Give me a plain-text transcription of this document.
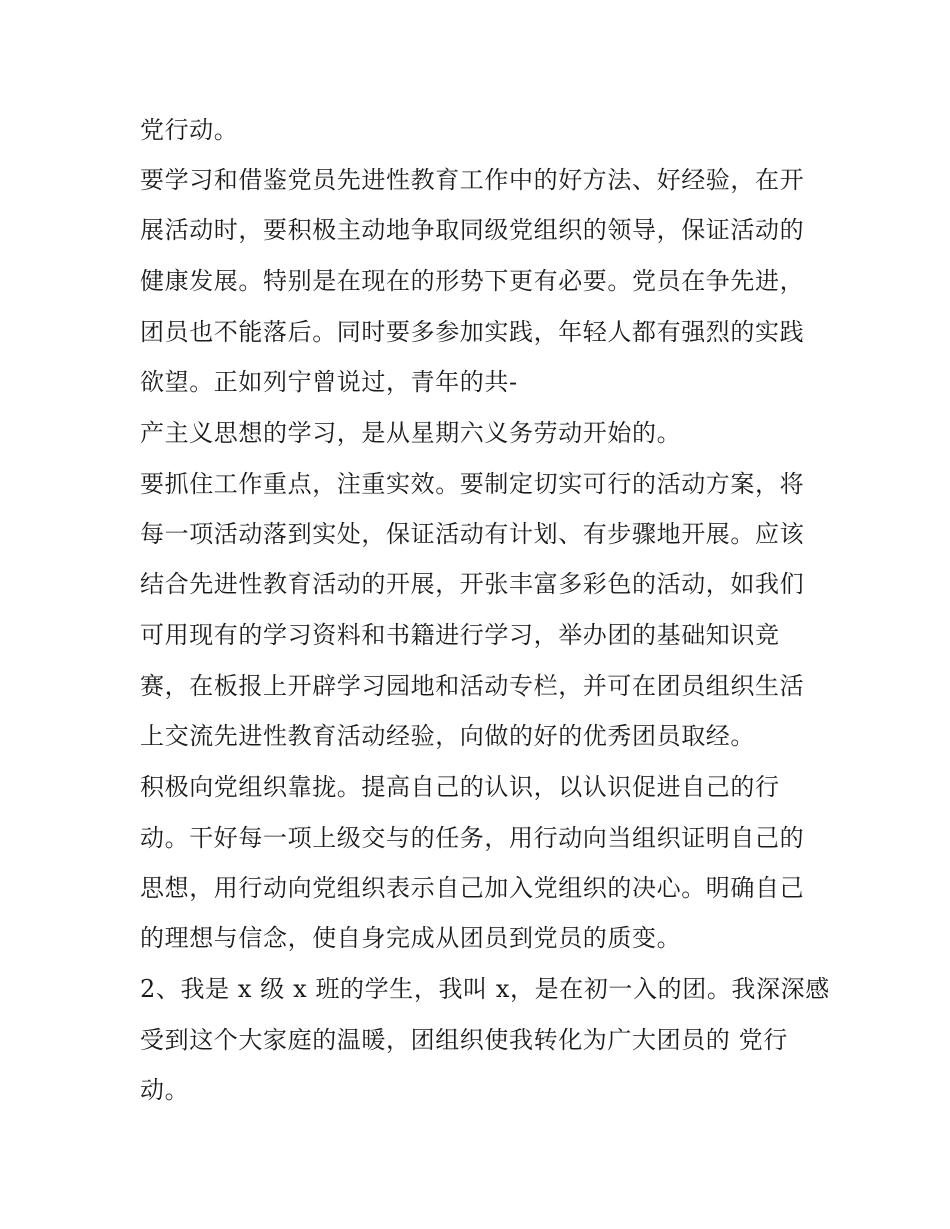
党行动。

要学习和借鉴党员先进性教育工作中的好方法、好经验，在开

展活动时，要积极主动地争取同级党组织的领导，保证活动的

健康发展。特别是在现在的形势下更有必要。党员在争先进，

团员也不能落后。同时要多参加实践，年轻人都有强烈的实践

欲望。正如列宁曾说过，青年的共-

产主义思想的学习，是从星期六义务劳动开始的。

要抓住工作重点，注重实效。要制定切实可行的活动方案，将

每一项活动落到实处，保证活动有计划、有步骤地开展。应该

结合先进性教育活动的开展，开张丰富多彩色的活动，如我们

可用现有的学习资料和书籍进行学习，举办团的基础知识竞

赛，在板报上开辟学习园地和活动专栏，并可在团员组织生活

上交流先进性教育活动经验，向做的好的优秀团员取经。

积极向党组织靠拢。提高自己的认识，以认识促进自己的行

动。干好每一项上级交与的任务，用行动向当组织证明自己的

思想，用行动向党组织表示自己加入党组织的决心。明确自己

的理想与信念，使自身完成从团员到党员的质变。

2、我是 x 级 x 班的学生，我叫 x，是在初一入的团。我深深感

受到这个大家庭的温暖，团组织使我转化为广大团员的 党行

动。
